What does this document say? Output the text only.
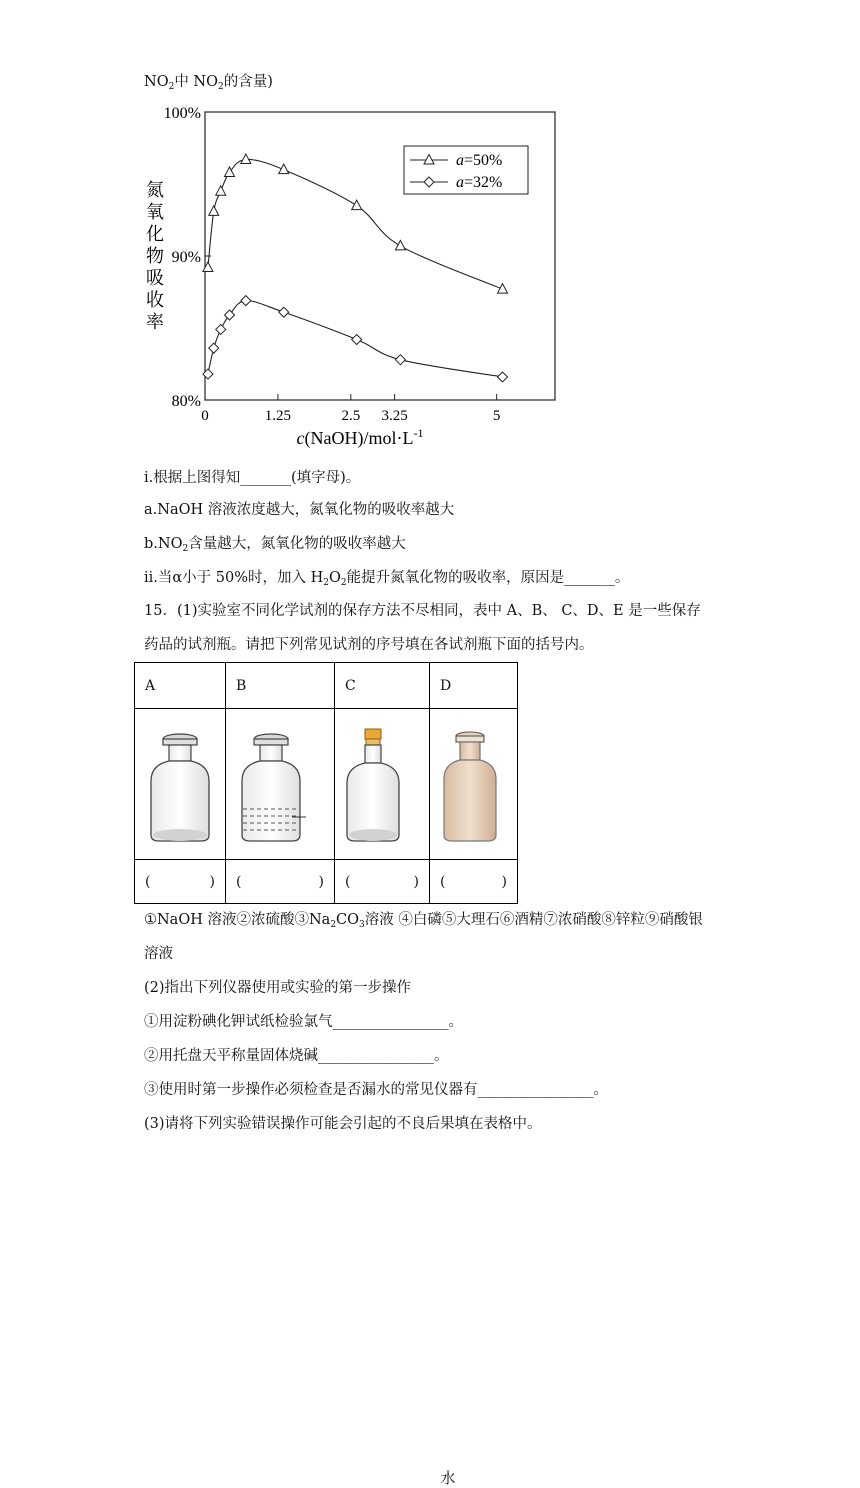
$NO_2$中 $NO_2$的含量)
80%
90%
100%
0	1.25	2.5 3.25	5
氮
氧
化
物
吸
收
率
$c(NaOH)/mol\cdot L^{-1}$
a=50%
a=32%
i.根据上图得知_______(填字母)。
a.NaOH 溶液浓度越大，氮氧化物的吸收率越大
$b.NO_2$含量越大，氮氧化物的吸收率越大
ii.当α小于 50%时，加入 $H_2O_2$能提升氮氧化物的吸收率，原因是_______。
15．(1)实验室不同化学试剂的保存方法不尽相同，表中 A、B、 C、D、E 是一些保存
药品的试剂瓶。请把下列常见试剂的序号填在各试剂瓶下面的括号内。
A	B	C	D

水

( )	( )	( )	( )
①NaOH 溶液②浓硫酸$③Na_2CO_3$溶液 ④白磷⑤大理石⑥酒精⑦浓硝酸⑧锌粒⑨硝酸银
溶液
(2)指出下列仪器使用或实验的第一步操作
①用淀粉碘化钾试纸检验氯气________________。
②用托盘天平称量固体烧碱________________。
③使用时第一步操作必须检查是否漏水的常见仪器有________________。
(3)请将下列实验错误操作可能会引起的不良后果填在表格中。
